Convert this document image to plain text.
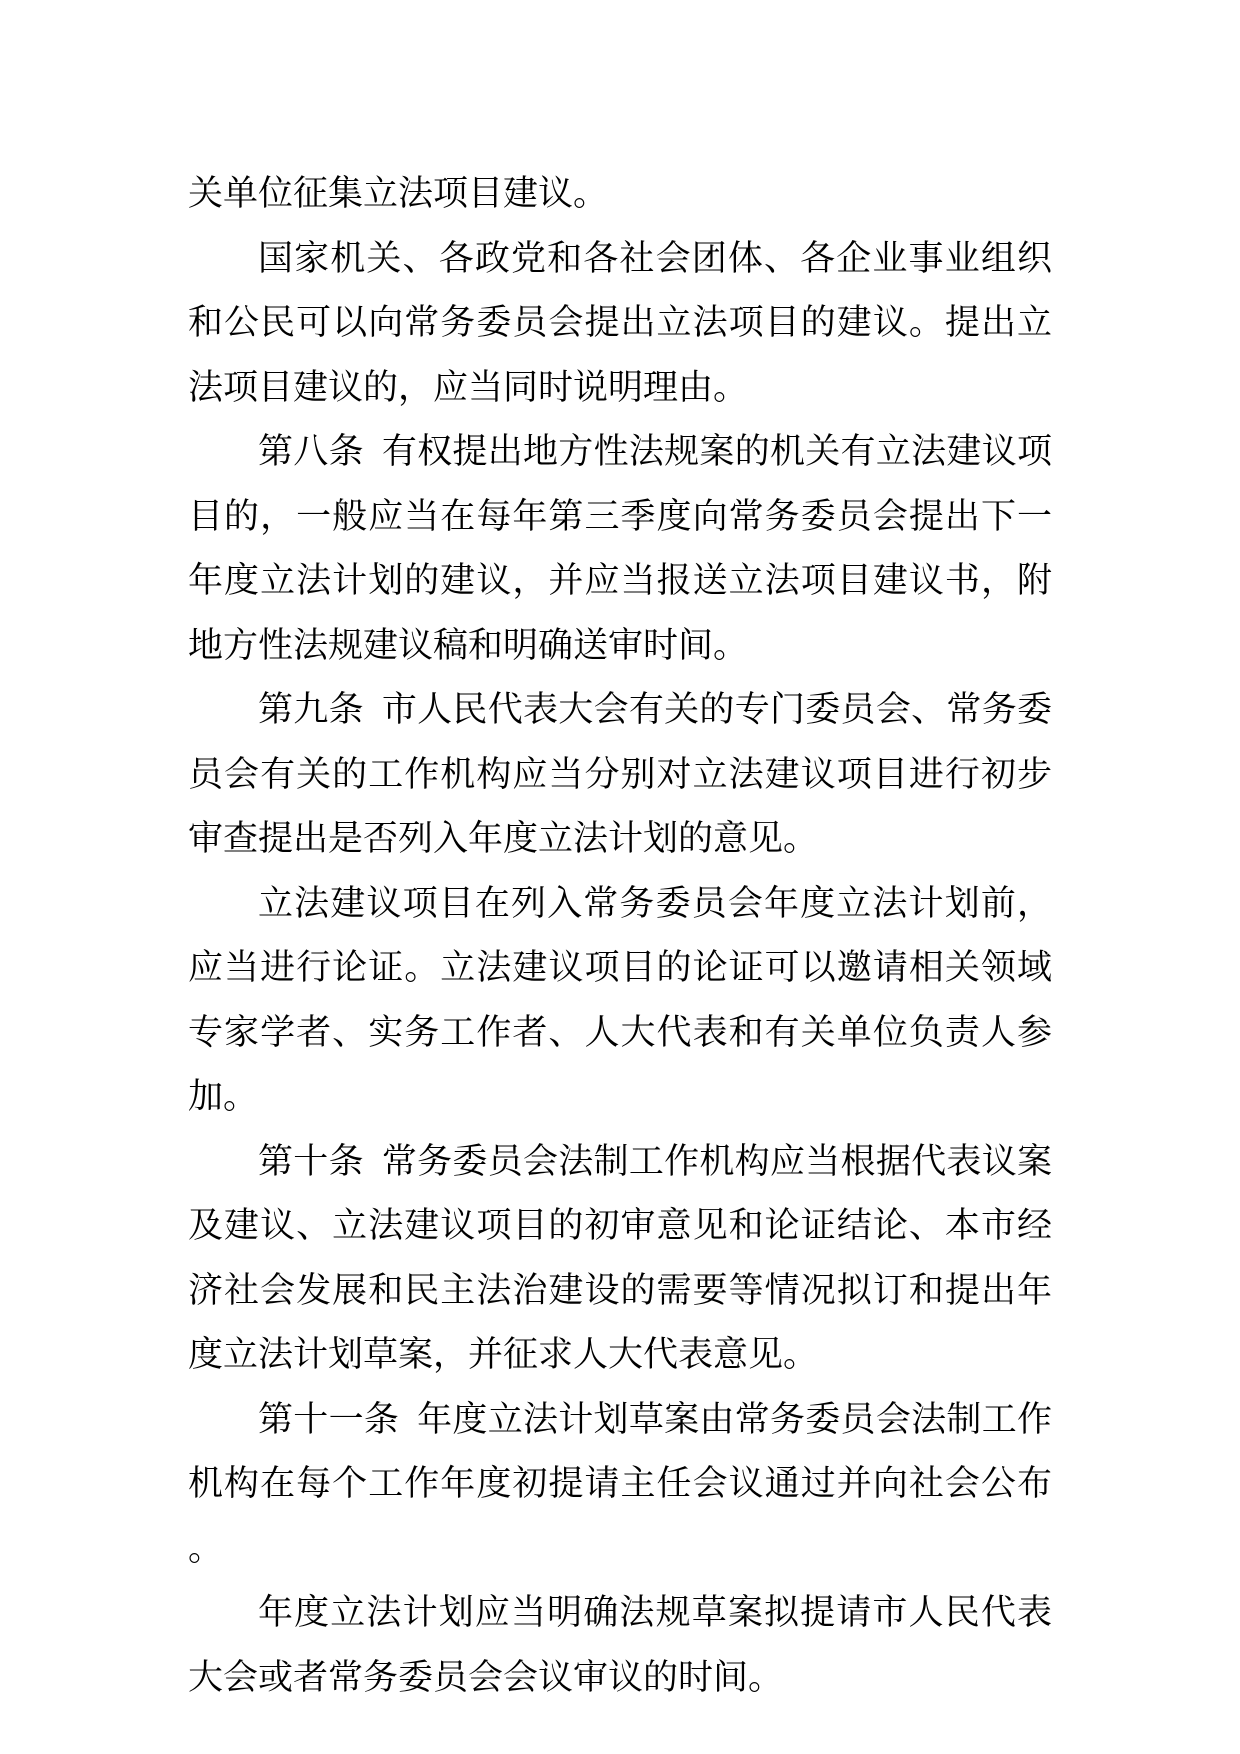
关单位征集立法项目建议。

国家机关、各政党和各社会团体、各企业事业组织和公民可以向常务委员会提出立法项目的建议。提出立法项目建议的，应当同时说明理由。

第八条 有权提出地方性法规案的机关有立法建议项目的，一般应当在每年第三季度向常务委员会提出下一年度立法计划的建议，并应当报送立法项目建议书，附地方性法规建议稿和明确送审时间。

第九条 市人民代表大会有关的专门委员会、常务委员会有关的工作机构应当分别对立法建议项目进行初步审查提出是否列入年度立法计划的意见。

立法建议项目在列入常务委员会年度立法计划前，应当进行论证。立法建议项目的论证可以邀请相关领域专家学者、实务工作者、人大代表和有关单位负责人参加。

第十条 常务委员会法制工作机构应当根据代表议案及建议、立法建议项目的初审意见和论证结论、本市经济社会发展和民主法治建设的需要等情况拟订和提出年度立法计划草案，并征求人大代表意见。

第十一条 年度立法计划草案由常务委员会法制工作机构在每个工作年度初提请主任会议通过并向社会公布。

年度立法计划应当明确法规草案拟提请市人民代表大会或者常务委员会会议审议的时间。
